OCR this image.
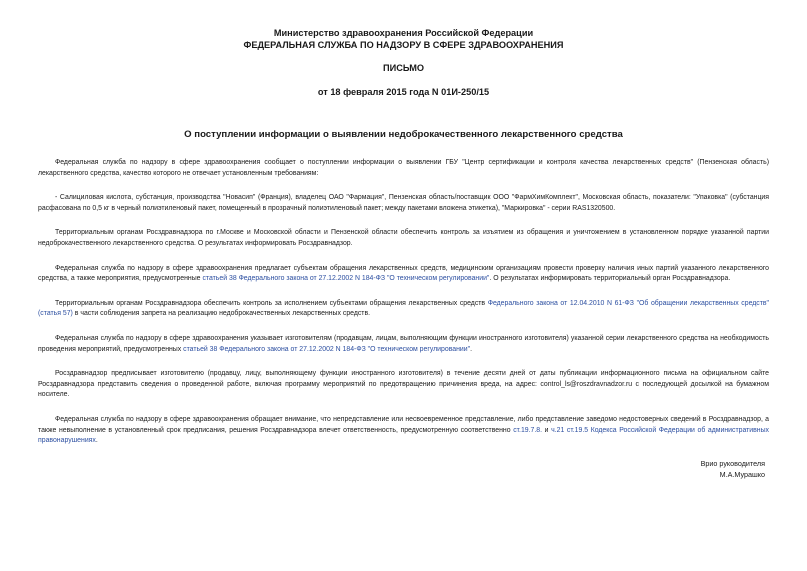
Министерство здравоохранения Российской Федерации
ФЕДЕРАЛЬНАЯ СЛУЖБА ПО НАДЗОРУ В СФЕРЕ ЗДРАВООХРАНЕНИЯ
ПИСЬМО
от 18 февраля 2015 года N 01И-250/15
О поступлении информации о выявлении недоброкачественного лекарственного средства

Федеральная служба по надзору в сфере здравоохранения сообщает о поступлении информации о выявлении ГБУ "Центр сертификации и контроля качества лекарственных средств" (Пензенская область) лекарственного средства, качество которого не отвечает установленным требованиям:

- Салициловая кислота, субстанция, производства "Новасип" (Франция), владелец ОАО "Фармация", Пензенская область/поставщик ООО "ФармХимКомплект", Московская область, показатели: "Упаковка" (субстанция расфасована по 0,5 кг в черный полиэтиленовый пакет, помещенный в прозрачный полиэтиленовый пакет; между пакетами вложена этикетка), "Маркировка" - серии RAS1320500.

Территориальным органам Росздравнадзора по г.Москве и Московской области и Пензенской области обеспечить контроль за изъятием из обращения и уничтожением в установленном порядке указанной партии недоброкачественного лекарственного средства. О результатах информировать Росздравнадзор.

Федеральная служба по надзору в сфере здравоохранения предлагает субъектам обращения лекарственных средств, медицинским организациям провести проверку наличия иных партий указанного лекарственного средства, а также мероприятия, предусмотренные статьей 38 Федерального закона от 27.12.2002 N 184-ФЗ "О техническом регулировании". О результатах информировать территориальный орган Росздравнадзора.

Территориальным органам Росздравнадзора обеспечить контроль за исполнением субъектами обращения лекарственных средств Федерального закона от 12.04.2010 N 61-ФЗ "Об обращении лекарственных средств" (статья 57) в части соблюдения запрета на реализацию недоброкачественных лекарственных средств.

Федеральная служба по надзору в сфере здравоохранения указывает изготовителям (продавцам, лицам, выполняющим функции иностранного изготовителя) указанной серии лекарственного средства на необходимость проведения мероприятий, предусмотренных статьей 38 Федерального закона от 27.12.2002 N 184-ФЗ "О техническом регулировании".

Росздравнадзор предписывает изготовителю (продавцу, лицу, выполняющему функции иностранного изготовителя) в течение десяти дней от даты публикации информационного письма на официальном сайте Росздравнадзора представить сведения о проведенной работе, включая программу мероприятий по предотвращению причинения вреда, на адрес: control_ls@roszdravnadzor.ru с последующей досылкой на бумажном носителе.

Федеральная служба по надзору в сфере здравоохранения обращает внимание, что непредставление или несвоевременное представление, либо представление заведомо недостоверных сведений в Росздравнадзор, а также невыполнение в установленный срок предписания, решения Росздравнадзора влечет ответственность, предусмотренную соответственно ст.19.7.8. и ч.21 ст.19.5 Кодекса Российской Федерации об административных правонарушениях.

Врио руководителя
М.А.Мурашко
